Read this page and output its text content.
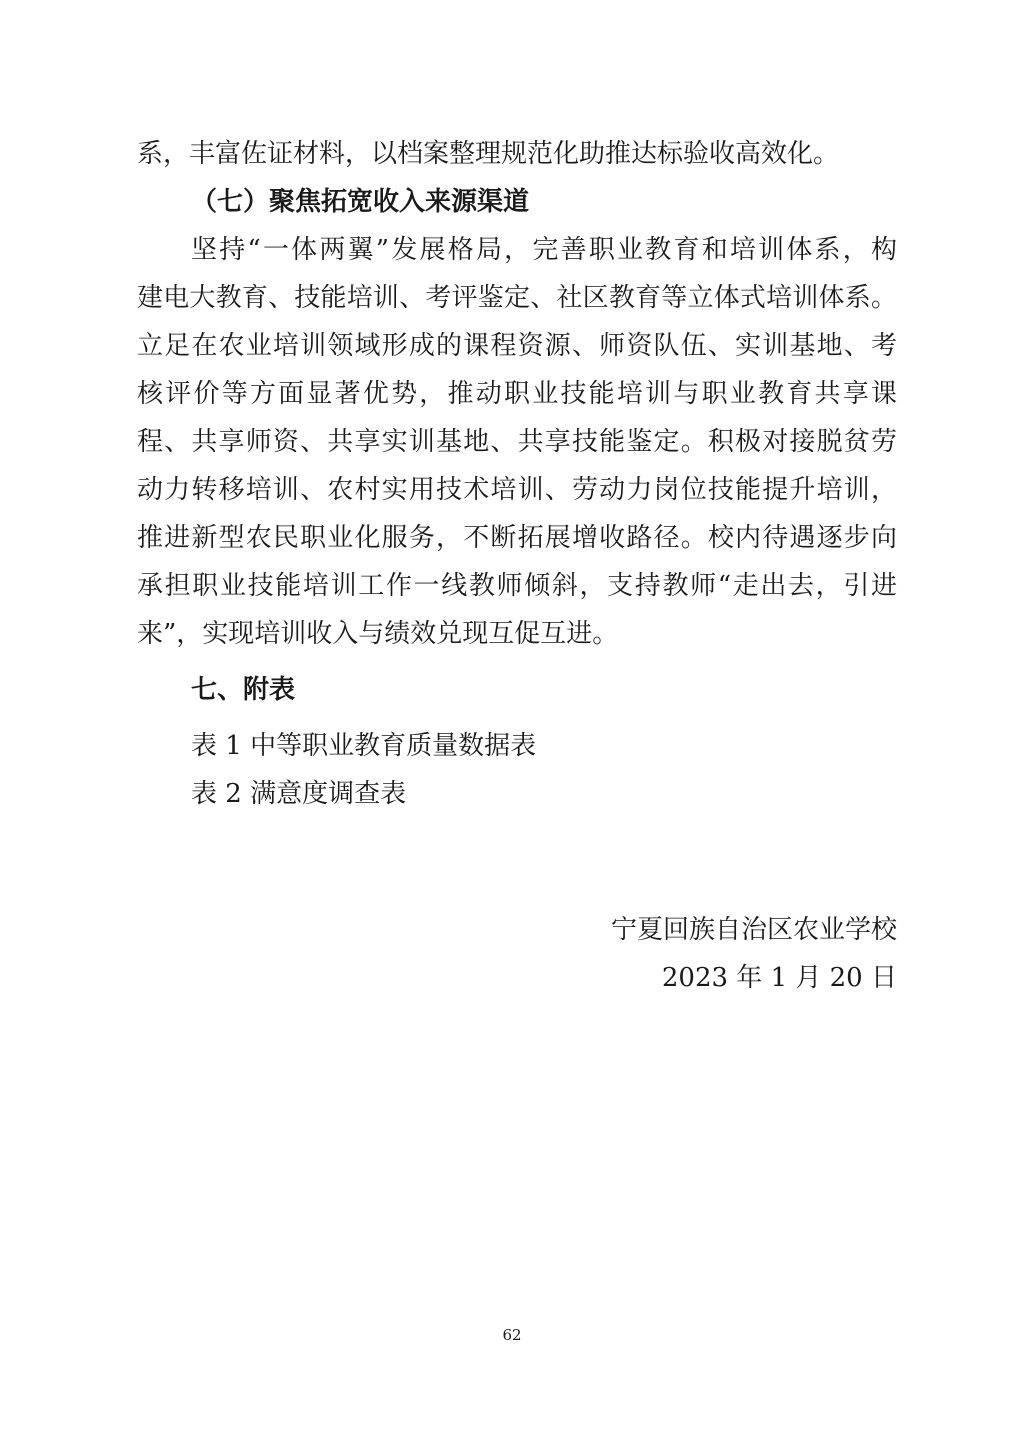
系，丰富佐证材料，以档案整理规范化助推达标验收高效化。
（七）聚焦拓宽收入来源渠道
坚持“一体两翼”发展格局，完善职业教育和培训体系，构
建电大教育、技能培训、考评鉴定、社区教育等立体式培训体系。
立足在农业培训领域形成的课程资源、师资队伍、实训基地、考
核评价等方面显著优势，推动职业技能培训与职业教育共享课
程、共享师资、共享实训基地、共享技能鉴定。积极对接脱贫劳
动力转移培训、农村实用技术培训、劳动力岗位技能提升培训，
推进新型农民职业化服务，不断拓展增收路径。校内待遇逐步向
承担职业技能培训工作一线教师倾斜，支持教师“走出去，引进
来”，实现培训收入与绩效兑现互促互进。
七、附表
表 1 中等职业教育质量数据表
表 2 满意度调查表
宁夏回族自治区农业学校
2023 年 1 月 20 日
62
